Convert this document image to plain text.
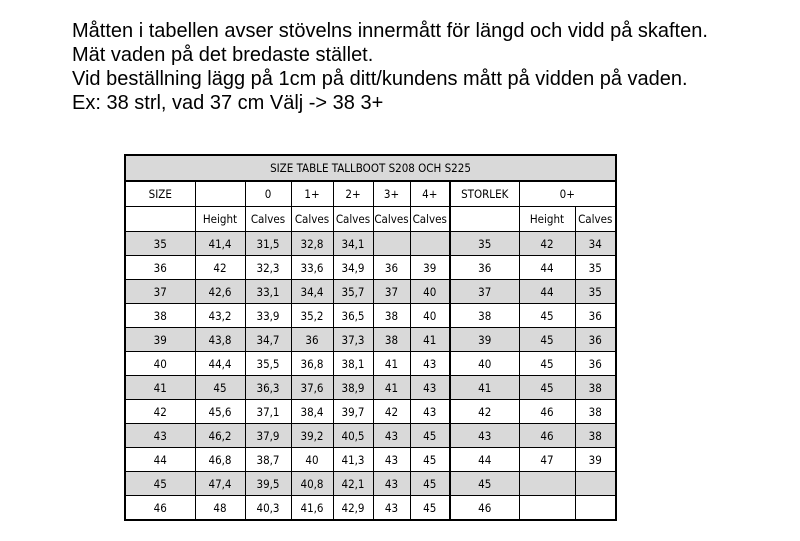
Måtten i tabellen avser stövelns innermått för längd och vidd på skaften.
Mät vaden på det bredaste stället.
Vid beställning lägg på 1cm på ditt/kundens mått på vidden på vaden.
Ex: 38 strl, vad 37 cm Välj -> 38 3+
SIZE TABLE TALLBOOT S208 OCH S225									
SIZE		0	1+	2+	3+	4+	STORLEK	0+	
	Height	Calves	Calves	Calves	Calves	Calves		Height	Calves
35	41,4	31,5	32,8	34,1			35	42	34
36	42	32,3	33,6	34,9	36	39	36	44	35
37	42,6	33,1	34,4	35,7	37	40	37	44	35
38	43,2	33,9	35,2	36,5	38	40	38	45	36
39	43,8	34,7	36	37,3	38	41	39	45	36
40	44,4	35,5	36,8	38,1	41	43	40	45	36
41	45	36,3	37,6	38,9	41	43	41	45	38
42	45,6	37,1	38,4	39,7	42	43	42	46	38
43	46,2	37,9	39,2	40,5	43	45	43	46	38
44	46,8	38,7	40	41,3	43	45	44	47	39
45	47,4	39,5	40,8	42,1	43	45	45		
46	48	40,3	41,6	42,9	43	45	46		
